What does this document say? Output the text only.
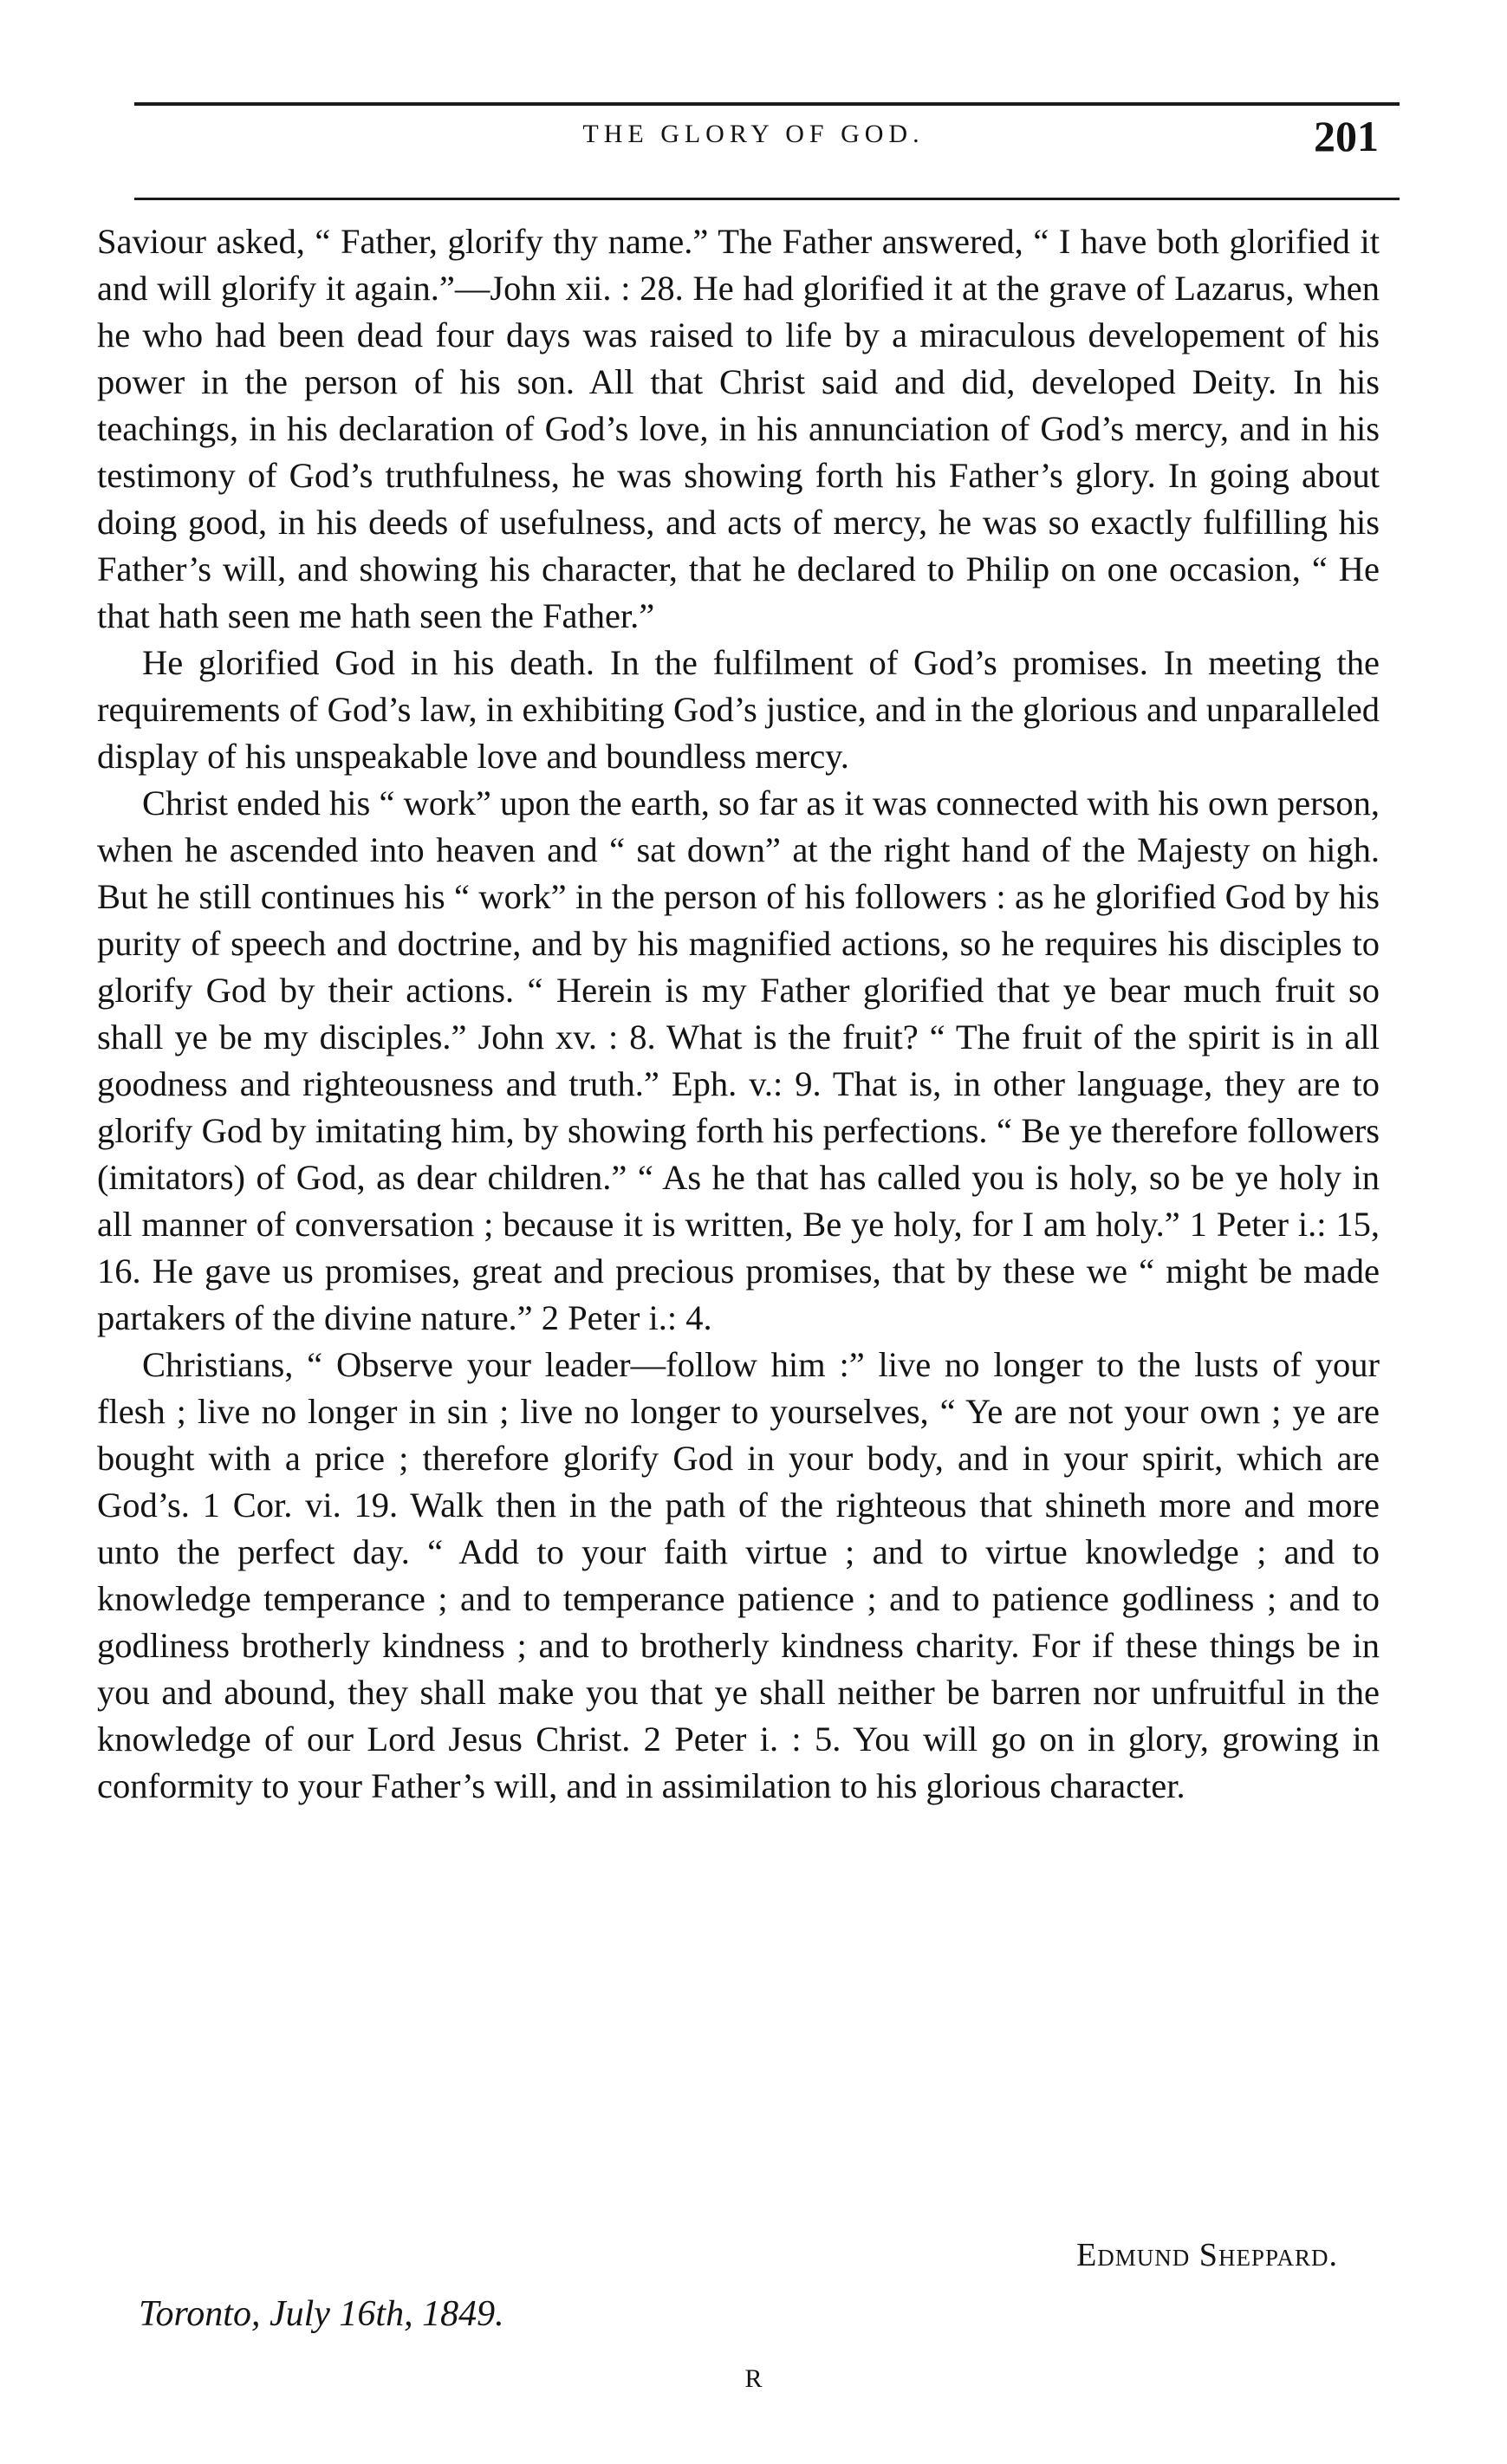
THE GLORY OF GOD.	201

Saviour asked, “ Father, glorify thy name.” The Father answered, “ I have both glorified it and will glorify it again.”—John xii. : 28. He had glorified it at the grave of Lazarus, when he who had been dead four days was raised to life by a miraculous developement of his power in the person of his son. All that Christ said and did, developed Deity. In his teachings, in his declaration of God’s love, in his annunciation of God’s mercy, and in his testimony of God’s truthfulness, he was showing forth his Father’s glory. In going about doing good, in his deeds of usefulness, and acts of mercy, he was so exactly fulfilling his Father’s will, and showing his character, that he declared to Philip on one occasion, “ He that hath seen me hath seen the Father.”

He glorified God in his death. In the fulfilment of God’s promises. In meeting the requirements of God’s law, in exhibiting God’s justice, and in the glorious and unparalleled display of his unspeakable love and boundless mercy.

Christ ended his “ work” upon the earth, so far as it was connected with his own person, when he ascended into heaven and “ sat down” at the right hand of the Majesty on high. But he still continues his “ work” in the person of his followers : as he glorified God by his purity of speech and doctrine, and by his magnified actions, so he requires his disciples to glorify God by their actions. “ Herein is my Father glorified that ye bear much fruit so shall ye be my disciples.” John xv. : 8. What is the fruit? “ The fruit of the spirit is in all goodness and righteousness and truth.” Eph. v.: 9. That is, in other language, they are to glorify God by imitating him, by showing forth his perfections. “ Be ye therefore followers (imitators) of God, as dear children.” “ As he that has called you is holy, so be ye holy in all manner of conversation ; because it is written, Be ye holy, for I am holy.” 1 Peter i.: 15, 16. He gave us promises, great and precious promises, that by these we “ might be made partakers of the divine nature.” 2 Peter i.: 4.

Christians, “ Observe your leader—follow him :” live no longer to the lusts of your flesh ; live no longer in sin ; live no longer to yourselves, “ Ye are not your own ; ye are bought with a price ; therefore glorify God in your body, and in your spirit, which are God’s. 1 Cor. vi. 19. Walk then in the path of the righteous that shineth more and more unto the perfect day. “ Add to your faith virtue ; and to virtue knowledge ; and to knowledge temperance ; and to temperance patience ; and to patience godliness ; and to godliness brotherly kindness ; and to brotherly kindness charity. For if these things be in you and abound, they shall make you that ye shall neither be barren nor unfruitful in the knowledge of our Lord Jesus Christ. 2 Peter i. : 5. You will go on in glory, growing in conformity to your Father’s will, and in assimilation to his glorious character.

Edmund Sheppard.
Toronto, July 16th, 1849.
R
